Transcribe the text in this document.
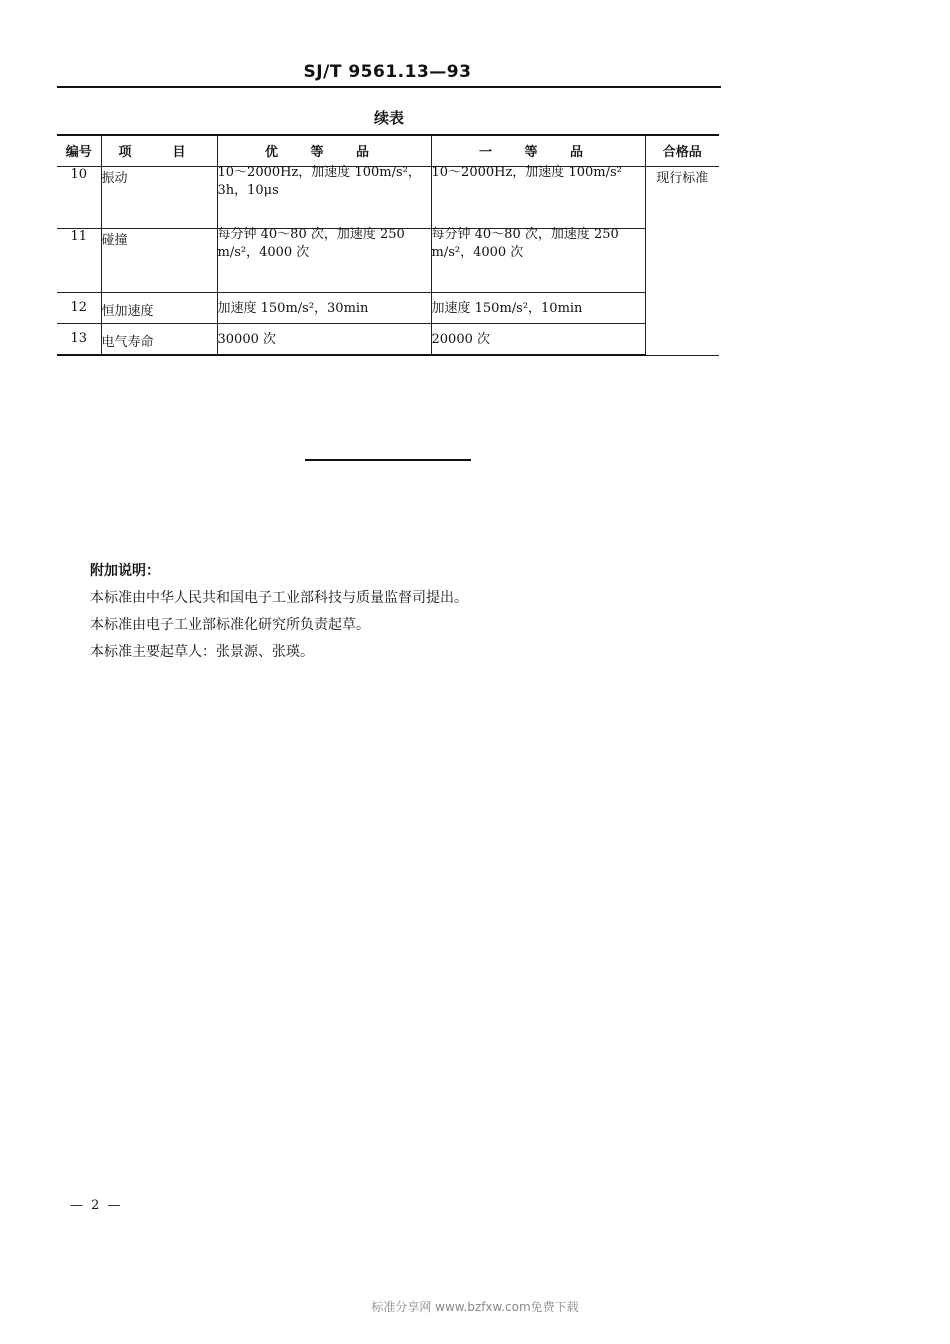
SJ/T 9561.13—93
续表
编号	项　目	优 等 品	一 等 品	合格品
10	振动	10～2000Hz，加速度 100m/s²，
3h，10μs	10～2000Hz，加速度 100m/s²	现行标准
11	碰撞	每分钟 40～80 次，加速度 250
m/s²，4000 次	每分钟 40～80 次，加速度 250
m/s²，4000 次	

12	恒加速度	加速度 150m/s²，30min	加速度 150m/s²，10min	
13	电气寿命	30000 次	20000 次	
附加说明：
本标准由中华人民共和国电子工业部科技与质量监督司提出。
本标准由电子工业部标准化研究所负责起草。
本标准主要起草人：张景源、张瑛。
— 2 —
标准分享网 www.bzfxw.com免费下载
